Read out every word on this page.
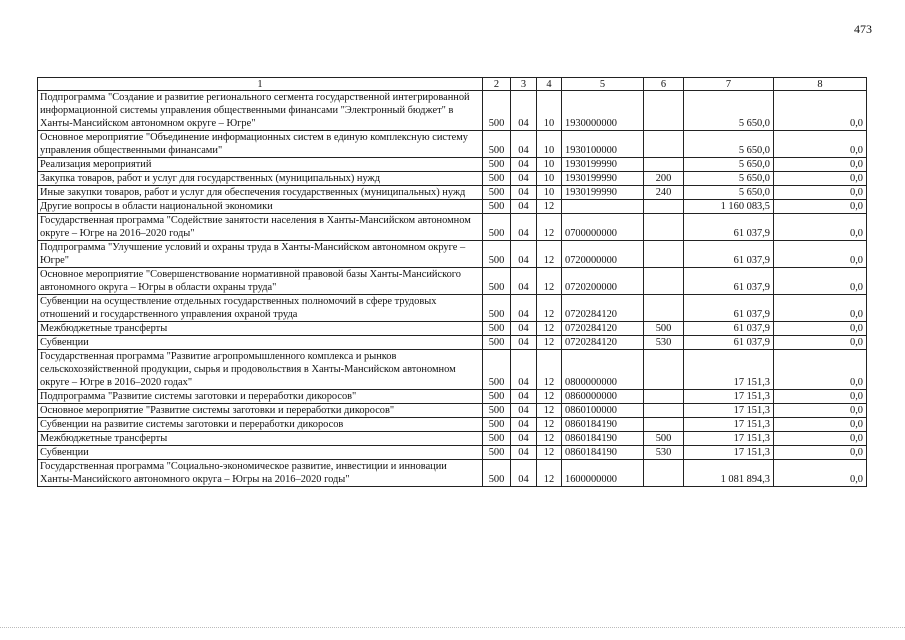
473
1	2	3	4	5	6	7	8
Подпрограмма "Создание и развитие регионального сегмента государственной интегрированной информационной системы управления общественными финансами "Электронный бюджет" в Ханты-Мансийском автономном округе – Югре"	500	04	10	1930000000		5 650,0	0,0
Основное мероприятие "Объединение информационных систем в единую комплексную систему управления общественными финансами"	500	04	10	1930100000		5 650,0	0,0
Реализация мероприятий	500	04	10	1930199990		5 650,0	0,0
Закупка товаров, работ и услуг для государственных (муниципальных) нужд	500	04	10	1930199990	200	5 650,0	0,0
Иные закупки товаров, работ и услуг для обеспечения государственных (муниципальных) нужд	500	04	10	1930199990	240	5 650,0	0,0
Другие вопросы в области национальной экономики	500	04	12			1 160 083,5	0,0
Государственная программа "Содействие занятости населения в Ханты-Мансийском автономном округе – Югре на 2016–2020 годы"	500	04	12	0700000000		61 037,9	0,0
Подпрограмма "Улучшение условий и охраны труда в Ханты-Мансийском автономном округе – Югре"	500	04	12	0720000000		61 037,9	0,0
Основное мероприятие "Совершенствование нормативной правовой базы Ханты-Мансийского автономного округа – Югры в области охраны труда"	500	04	12	0720200000		61 037,9	0,0
Субвенции на осуществление отдельных государственных полномочий в сфере трудовых отношений и государственного управления охраной труда	500	04	12	0720284120		61 037,9	0,0
Межбюджетные трансферты	500	04	12	0720284120	500	61 037,9	0,0
Субвенции	500	04	12	0720284120	530	61 037,9	0,0
Государственная программа "Развитие агропромышленного комплекса и рынков сельскохозяйственной продукции, сырья и продовольствия в Ханты-Мансийском автономном округе – Югре в 2016–2020 годах"	500	04	12	0800000000		17 151,3	0,0
Подпрограмма "Развитие системы заготовки и переработки дикоросов"	500	04	12	0860000000		17 151,3	0,0
Основное мероприятие "Развитие системы заготовки и переработки дикоросов"	500	04	12	0860100000		17 151,3	0,0
Субвенции на развитие системы заготовки и переработки дикоросов	500	04	12	0860184190		17 151,3	0,0
Межбюджетные трансферты	500	04	12	0860184190	500	17 151,3	0,0
Субвенции	500	04	12	0860184190	530	17 151,3	0,0
Государственная программа "Социально-экономическое развитие, инвестиции и инновации Ханты-Мансийского автономного округа – Югры на 2016–2020 годы"	500	04	12	1600000000		1 081 894,3	0,0
